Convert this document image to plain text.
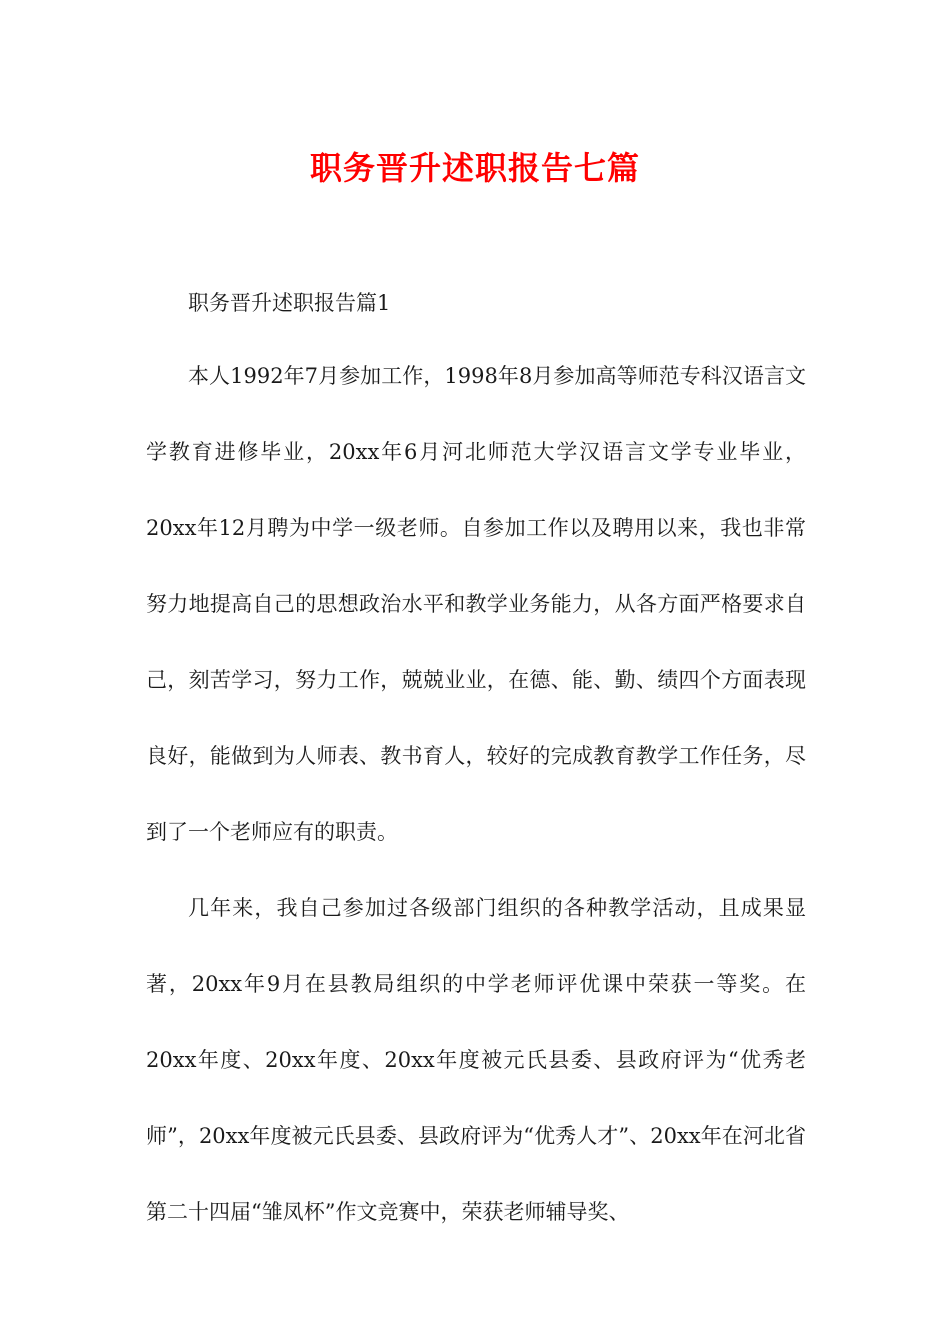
职务晋升述职报告七篇
职务晋升述职报告篇1

本人1992年7月参加工作，1998年8月参加高等师范专科汉语言文学教育进修毕业，20xx年6月河北师范大学汉语言文学专业毕业，20xx年12月聘为中学一级老师。自参加工作以及聘用以来，我也非常努力地提高自己的思想政治水平和教学业务能力，从各方面严格要求自己，刻苦学习，努力工作，兢兢业业，在德、能、勤、绩四个方面表现良好，能做到为人师表、教书育人，较好的完成教育教学工作任务，尽到了一个老师应有的职责。

几年来，我自己参加过各级部门组织的各种教学活动，且成果显著，20xx年9月在县教局组织的中学老师评优课中荣获一等奖。在20xx年度、20xx年度、20xx年度被元氏县委、县政府评为“优秀老师”，20xx年度被元氏县委、县政府评为“优秀人才”、20xx年在河北省第二十四届“雏凤杯”作文竞赛中，荣获老师辅导奖、
